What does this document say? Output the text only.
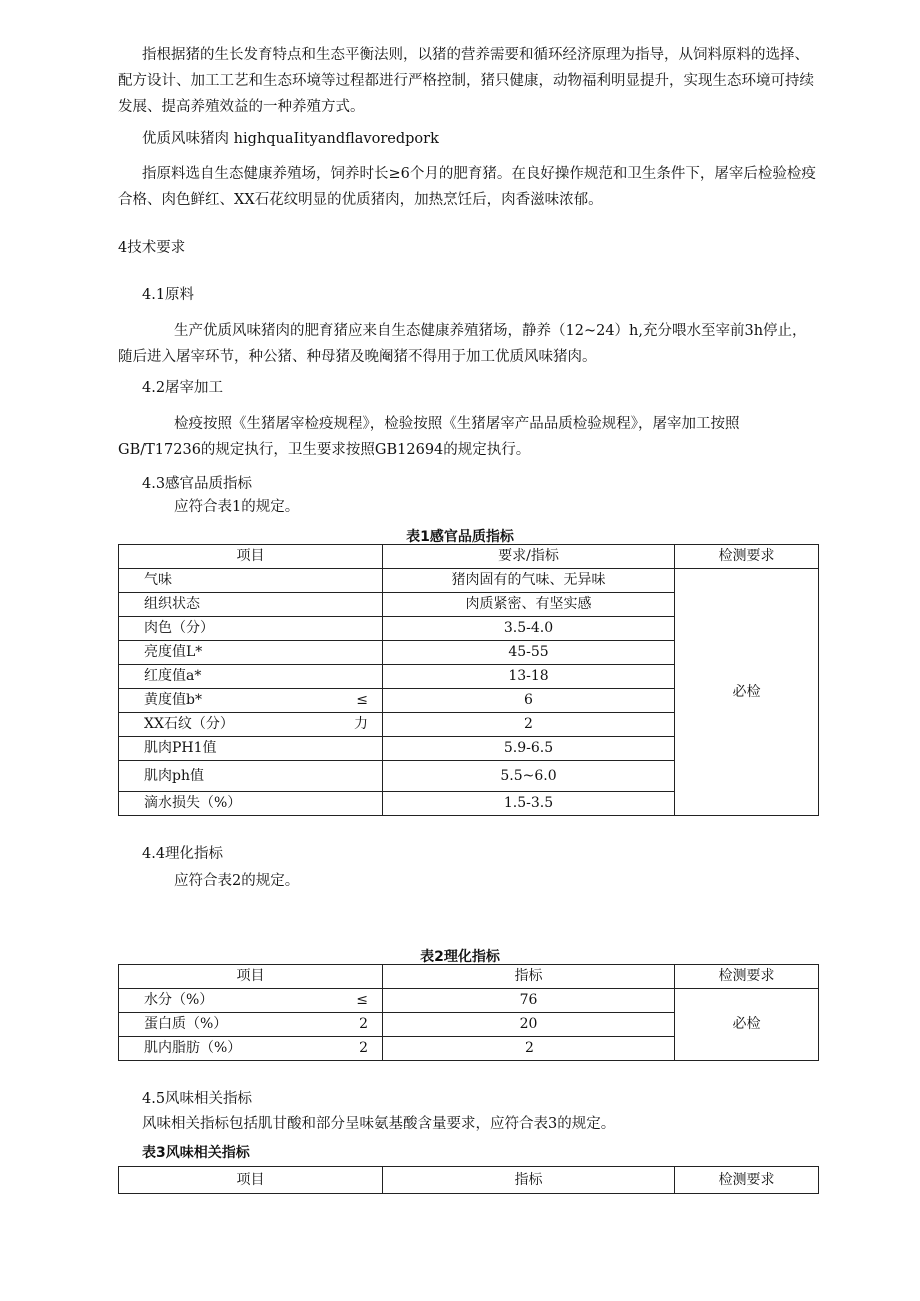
指根据猪的生长发育特点和生态平衡法则，以猪的营养需要和循环经济原理为指导，从饲料原料的选择、配方设计、加工工艺和生态环境等过程都进行严格控制，猪只健康，动物福利明显提升，实现生态环境可持续发展、提高养殖效益的一种养殖方式。

优质风味猪肉 highquaIityandflavoredpork

指原料选自生态健康养殖场，饲养时长≥6个月的肥育猪。在良好操作规范和卫生条件下，屠宰后检验检疫合格、肉色鲜红、XX石花纹明显的优质猪肉，加热烹饪后，肉香滋味浓郁。

4技术要求

4.1原料

生产优质风味猪肉的肥育猪应来自生态健康养殖猪场，静养（12~24）h,充分喂水至宰前3h停止，随后进入屠宰环节，种公猪、种母猪及晚阉猪不得用于加工优质风味猪肉。

4.2屠宰加工

检疫按照《生猪屠宰检疫规程》，检验按照《生猪屠宰产品品质检验规程》，屠宰加工按照GB/T17236的规定执行，卫生要求按照GB12694的规定执行。

4.3感官品质指标

应符合表1的规定。

表1感官品质指标

项目	要求/指标	检测要求
气味	猪肉固有的气味、无异味	必检
组织状态	肉质紧密、有坚实感	
肉色（分）	3.5-4.0	
亮度值L*	45-55	
红度值a*	13-18	
黄度值b* ≤	6	
XX石纹（分） 力	2	
肌肉PH1值	5.9-6.5	
肌肉ph值	5.5~6.0	
滴水损失（%）	1.5-3.5	

4.4理化指标

应符合表2的规定。

表2理化指标

项目	指标	检测要求
水分（%） ≤	76	必检
蛋白质（%） 2	20	
肌内脂肪（%） 2	2	

4.5风味相关指标

风味相关指标包括肌甘酸和部分呈味氨基酸含量要求，应符合表3的规定。

表3风味相关指标

项目	指标	检测要求
